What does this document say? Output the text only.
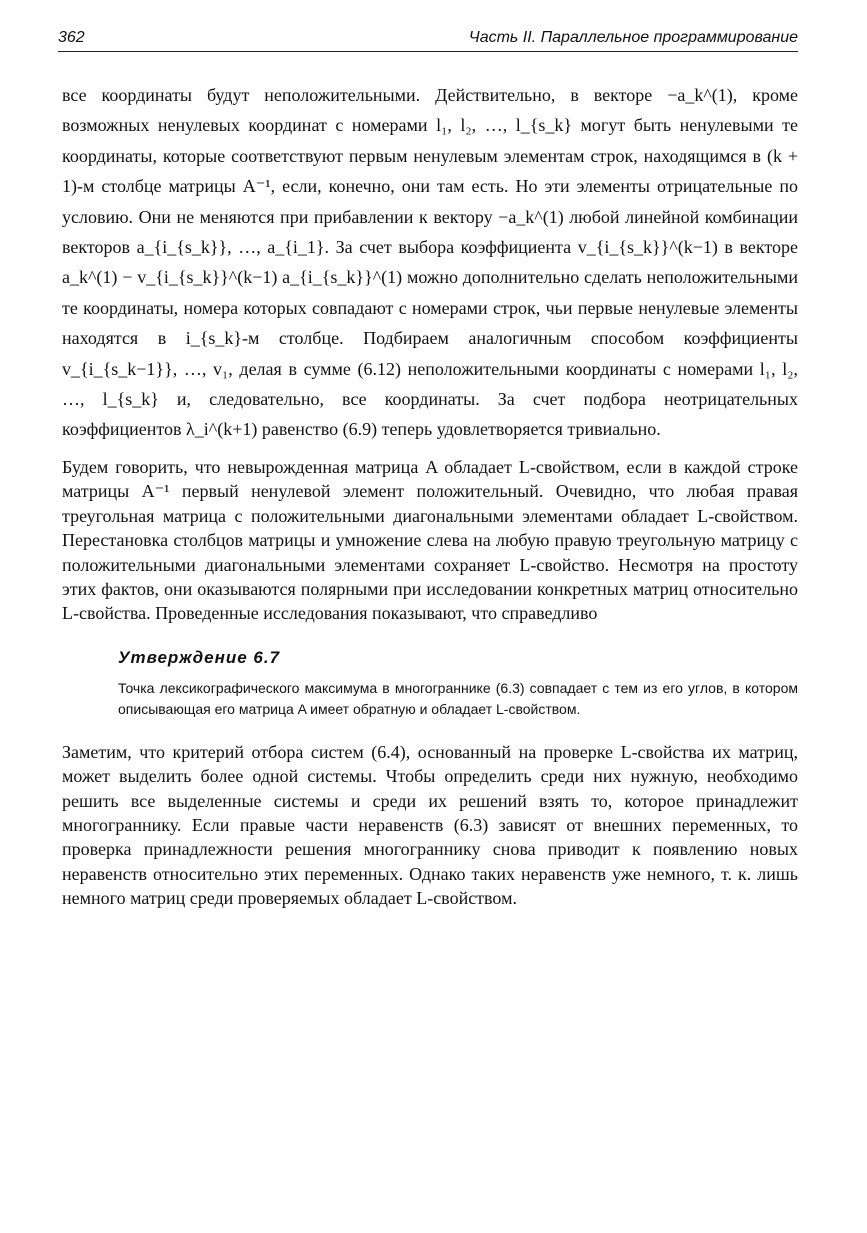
362	Часть II. Параллельное программирование

все координаты будут неположительными. Действительно, в векторе −a_k^(1), кроме возможных ненулевых координат с номерами l₁, l₂, …, l_{s_k} могут быть ненулевыми те координаты, которые соответствуют первым ненулевым элементам строк, находящимся в (k + 1)-м столбце матрицы A⁻¹, если, конечно, они там есть. Но эти элементы отрицательные по условию. Они не меняются при прибавлении к вектору −a_k^(1) любой линейной комбинации векторов a_{i_{s_k}}, …, a_{i_1}. За счет выбора коэффициента v_{i_{s_k}}^(k−1) в векторе a_k^(1) − v_{i_{s_k}}^(k−1) a_{i_{s_k}}^(1) можно дополнительно сделать неположительными те координаты, номера которых совпадают с номерами строк, чьи первые ненулевые элементы находятся в i_{s_k}-м столбце. Подбираем аналогичным способом коэффициенты v_{i_{s_k−1}}, …, v₁, делая в сумме (6.12) неположительными координаты с номерами l₁, l₂, …, l_{s_k} и, следовательно, все координаты. За счет подбора неотрицательных коэффициентов λ_i^(k+1) равенство (6.9) теперь удовлетворяется тривиально.

Будем говорить, что невырожденная матрица A обладает L-свойством, если в каждой строке матрицы A⁻¹ первый ненулевой элемент положительный. Очевидно, что любая правая треугольная матрица с положительными диагональными элементами обладает L-свойством. Перестановка столбцов матрицы и умножение слева на любую правую треугольную матрицу с положительными диагональными элементами сохраняет L-свойство. Несмотря на простоту этих фактов, они оказываются полярными при исследовании конкретных матриц относительно L-свойства. Проведенные исследования показывают, что справедливо

Утверждение 6.7
Точка лексикографического максимума в многограннике (6.3) совпадает с тем из его углов, в котором описывающая его матрица A имеет обратную и обладает L-свойством.

Заметим, что критерий отбора систем (6.4), основанный на проверке L-свойства их матриц, может выделить более одной системы. Чтобы определить среди них нужную, необходимо решить все выделенные системы и среди их решений взять то, которое принадлежит многограннику. Если правые части неравенств (6.3) зависят от внешних переменных, то проверка принадлежности решения многограннику снова приводит к появлению новых неравенств относительно этих переменных. Однако таких неравенств уже немного, т. к. лишь немного матриц среди проверяемых обладает L-свойством.
